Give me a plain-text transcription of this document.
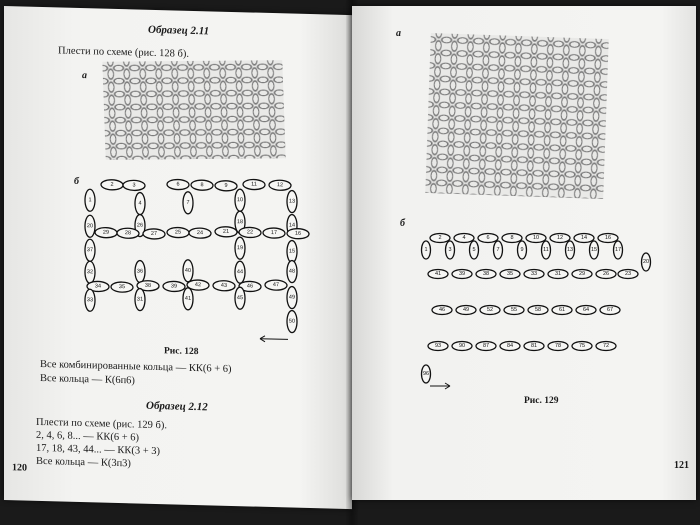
Образец 2.11
Плести по схеме (рис. 128 б).
а
б	2	3	6	8	9	11	12
1
4	7	10	13
20	26
18
14
29	28	27	25	24	21	22	17	16
37	19
15
32	36	40	44	48
34	35	38	39	42	43	46	47
33	31	41	45	49
50
Рис. 128
Все комбинированные кольца — КК(6 + 6)
Все кольца — К(6п6)
Образец 2.12
Плести по схеме (рис. 129 б).
2, 4, 6, 8... — КК(6 + 6)
17, 18, 43, 44... — КК(3 + 3)
Все кольца — К(3п3)
120
а
б
2	4	6	8	10	12	14	16
1	3	5	7	9	11	13	15	17
41	39	38	35	33	31	29	26	23
20
46	49	52	55	58	61	64	67
93	90	87	84	81	78	75	72
96
Рис. 129
121
